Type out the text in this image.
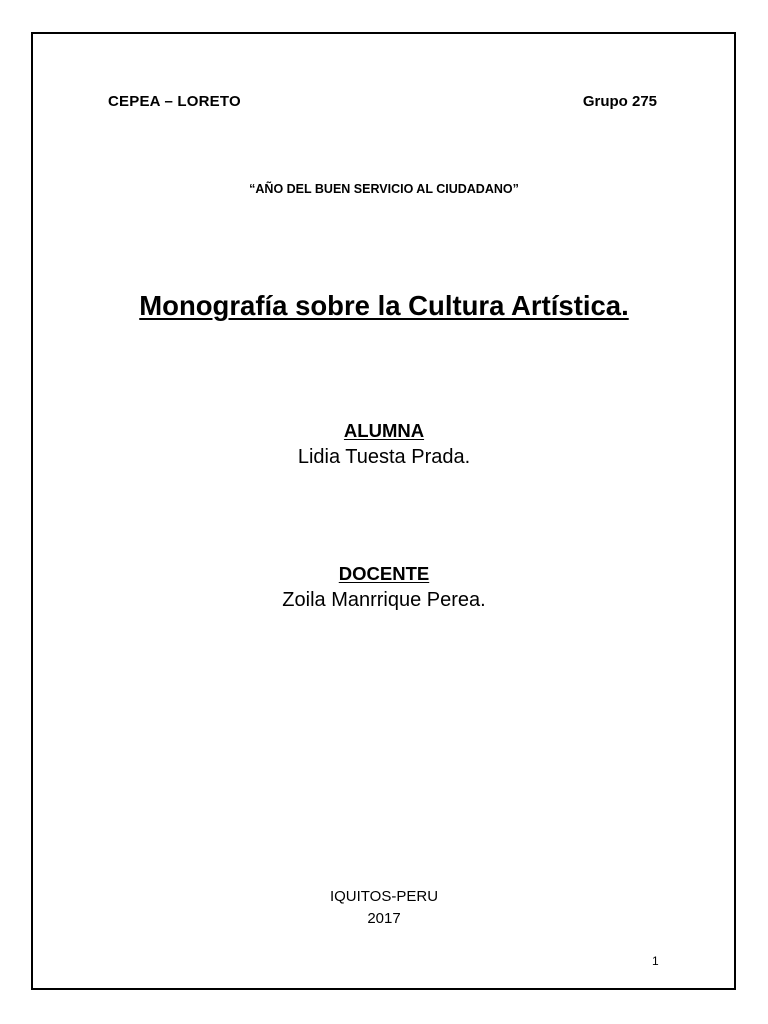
CEPEA – LORETO	Grupo 275
“AÑO DEL BUEN SERVICIO AL CIUDADANO”
Monografía sobre la Cultura Artística.
ALUMNA
Lidia Tuesta Prada.
DOCENTE
Zoila Manrrique Perea.
IQUITOS-PERU
2017
1
